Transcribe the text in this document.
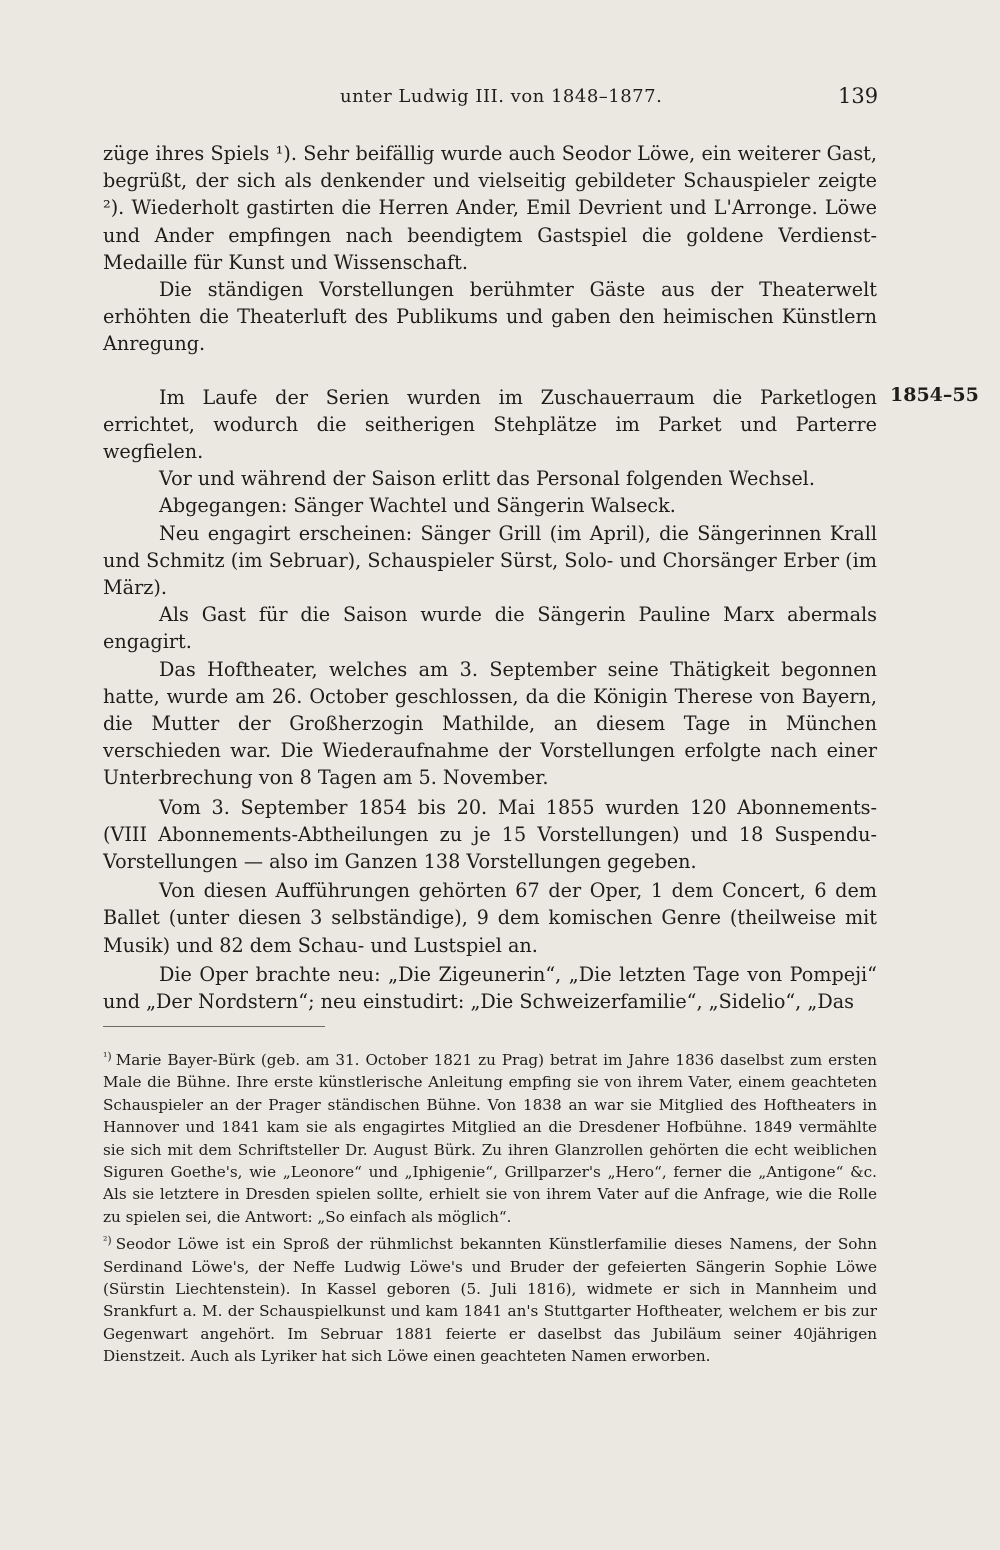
unter Ludwig III. von 1848–1877.	139
1854–55

züge ihres Spiels ¹). Sehr beifällig wurde auch Seodor Löwe, ein weiterer Gast, begrüßt, der sich als denkender und vielseitig gebildeter Schauspieler zeigte ²). Wiederholt gastirten die Herren Ander, Emil Devrient und L'Arronge. Löwe und Ander empfingen nach beendigtem Gastspiel die goldene Verdienst-Medaille für Kunst und Wissenschaft.

Die ständigen Vorstellungen berühmter Gäste aus der Theaterwelt erhöhten die Theaterluft des Publikums und gaben den heimischen Künstlern Anregung.

Im Laufe der Serien wurden im Zuschauerraum die Parketlogen errichtet, wodurch die seitherigen Stehplätze im Parket und Parterre wegfielen.

Vor und während der Saison erlitt das Personal folgenden Wechsel.

Abgegangen: Sänger Wachtel und Sängerin Walseck.

Neu engagirt erscheinen: Sänger Grill (im April), die Sängerinnen Krall und Schmitz (im Sebruar), Schauspieler Sürst, Solo- und Chorsänger Erber (im März).

Als Gast für die Saison wurde die Sängerin Pauline Marx abermals engagirt.

Das Hoftheater, welches am 3. September seine Thätigkeit begonnen hatte, wurde am 26. October geschlossen, da die Königin Therese von Bayern, die Mutter der Großherzogin Mathilde, an diesem Tage in München verschieden war. Die Wiederaufnahme der Vorstellungen erfolgte nach einer Unterbrechung von 8 Tagen am 5. November.

Vom 3. September 1854 bis 20. Mai 1855 wurden 120 Abonnements- (VIII Abonnements-Abtheilungen zu je 15 Vorstellungen) und 18 Suspendu-Vorstellungen — also im Ganzen 138 Vorstellungen gegeben.

Von diesen Aufführungen gehörten 67 der Oper, 1 dem Concert, 6 dem Ballet (unter diesen 3 selbständige), 9 dem komischen Genre (theilweise mit Musik) und 82 dem Schau- und Lustspiel an.

Die Oper brachte neu: „Die Zigeunerin“, „Die letzten Tage von Pompeji“ und „Der Nordstern“; neu einstudirt: „Die Schweizerfamilie“, „Sidelio“, „Das

$^{^1)}$ Marie Bayer-Bürk (geb. am 31. October 1821 zu Prag) betrat im Jahre 1836 daselbst zum ersten Male die Bühne. Ihre erste künstlerische Anleitung empfing sie von ihrem Vater, einem geachteten Schauspieler an der Prager ständischen Bühne. Von 1838 an war sie Mitglied des Hoftheaters in Hannover und 1841 kam sie als engagirtes Mitglied an die Dresdener Hofbühne. 1849 vermählte sie sich mit dem Schriftsteller Dr. August Bürk. Zu ihren Glanzrollen gehörten die echt weiblichen Siguren Goethe's, wie „Leonore“ und „Iphigenie“, Grillparzer's „Hero“, ferner die „Antigone“ &c. Als sie letztere in Dresden spielen sollte, erhielt sie von ihrem Vater auf die Anfrage, wie die Rolle zu spielen sei, die Antwort: „So einfach als möglich“.

$^{^2)}$ Seodor Löwe ist ein Sproß der rühmlichst bekannten Künstlerfamilie dieses Namens, der Sohn Serdinand Löwe's, der Neffe Ludwig Löwe's und Bruder der gefeierten Sängerin Sophie Löwe (Sürstin Liechtenstein). In Kassel geboren (5. Juli 1816), widmete er sich in Mannheim und Srankfurt a. M. der Schauspielkunst und kam 1841 an's Stuttgarter Hoftheater, welchem er bis zur Gegenwart angehört. Im Sebruar 1881 feierte er daselbst das Jubiläum seiner 40jährigen Dienstzeit. Auch als Lyriker hat sich Löwe einen geachteten Namen erworben.
